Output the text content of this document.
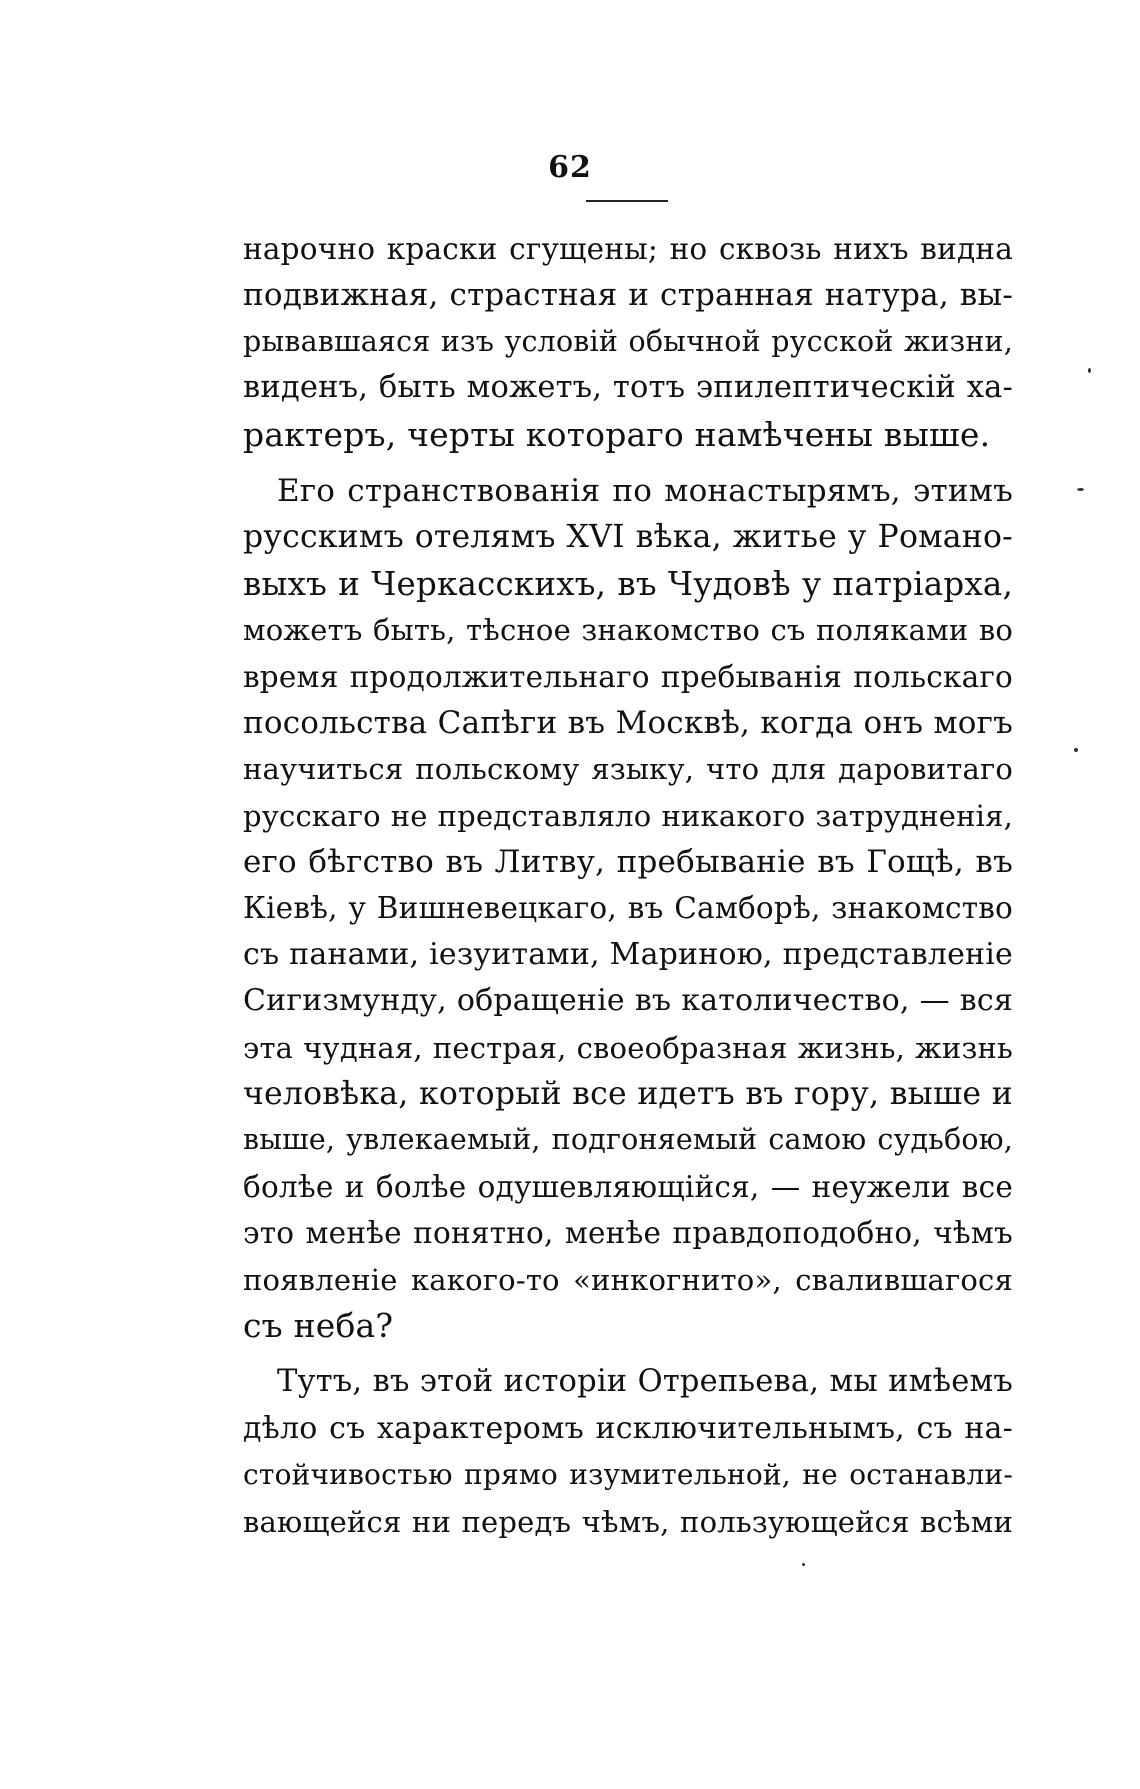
62
нарочно краски сгущены; но сквозь нихъ видна
подвижная, страстная и странная натура, вы-
рывавшаяся изъ условій обычной русской жизни,
виденъ, быть можетъ, тотъ эпилептическій ха-
рактеръ, черты котораго намѣчены выше.
Его странствованія по монастырямъ, этимъ
русскимъ отелямъ XVI вѣка, житье у Романо-
выхъ и Черкасскихъ, въ Чудовѣ у патріарха,
можетъ быть, тѣсное знакомство съ поляками во
время продолжительнаго пребыванія польскаго
посольства Сапѣги въ Москвѣ, когда онъ могъ
научиться польскому языку, что для даровитаго
русскаго не представляло никакого затрудненія,
его бѣгство въ Литву, пребываніе въ Гощѣ, въ
Кіевѣ, у Вишневецкаго, въ Самборѣ, знакомство
съ панами, іезуитами, Мариною, представленіе
Сигизмунду, обращеніе въ католичество, — вся
эта чудная, пестрая, своеобразная жизнь, жизнь
человѣка, который все идетъ въ гору, выше и
выше, увлекаемый, подгоняемый самою судьбою,
болѣе и болѣе одушевляющійся, — неужели все
это менѣе понятно, менѣе правдоподобно, чѣмъ
появленіе какого-то «инкогнито», свалившагося
съ неба?
Тутъ, въ этой исторіи Отрепьева, мы имѣемъ
дѣло съ характеромъ исключительнымъ, съ на-
стойчивостью прямо изумительной, не останавли-
вающейся ни передъ чѣмъ, пользующейся всѣми
